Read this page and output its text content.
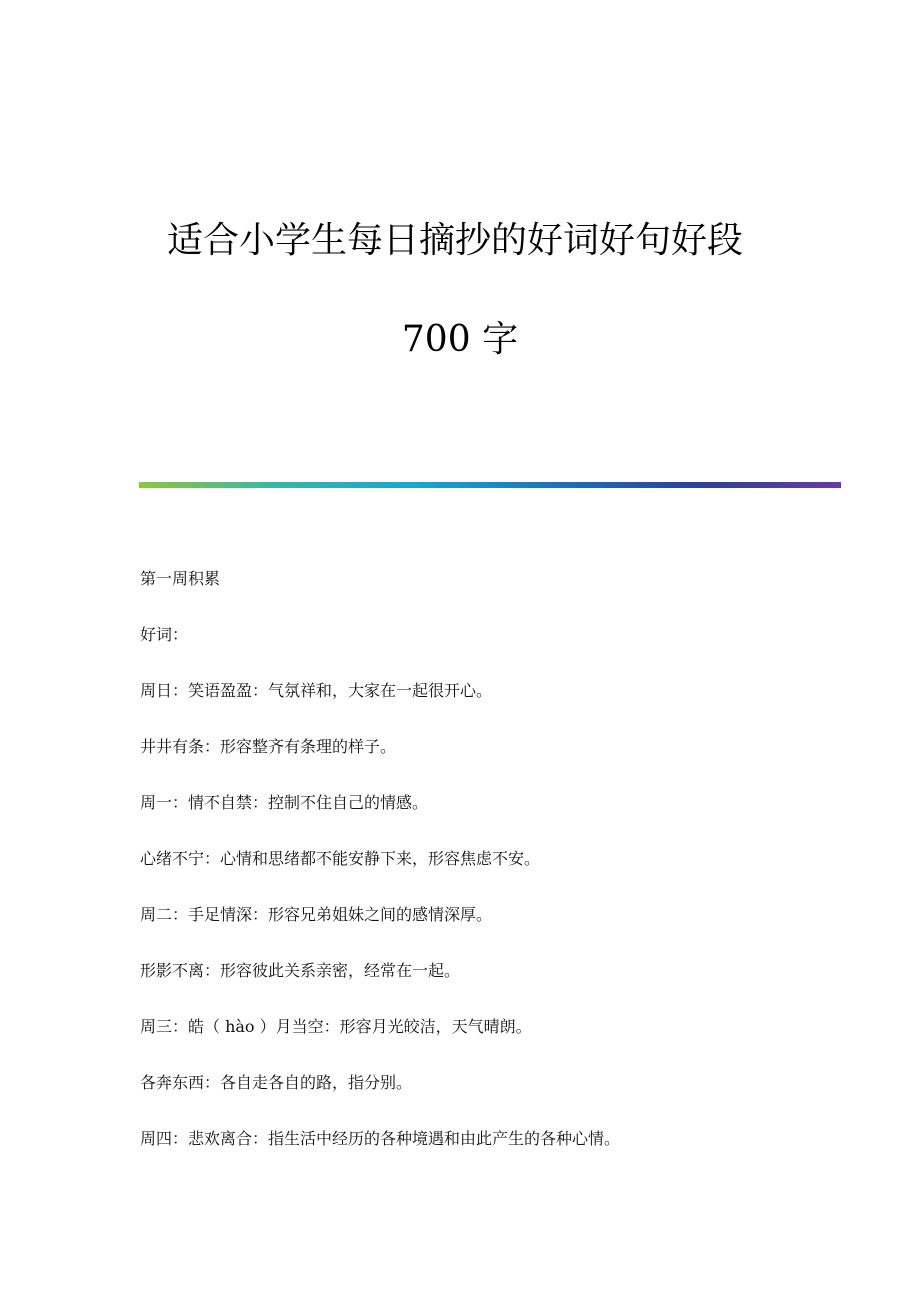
适合小学生每日摘抄的好词好句好段
700 字
第一周积累
好词：
周日：笑语盈盈：气氛祥和，大家在一起很开心。
井井有条：形容整齐有条理的样子。
周一：情不自禁：控制不住自己的情感。
心绪不宁：心情和思绪都不能安静下来，形容焦虑不安。
周二：手足情深：形容兄弟姐妹之间的感情深厚。
形影不离：形容彼此关系亲密，经常在一起。
周三：皓（ hào ）月当空：形容月光皎洁，天气晴朗。
各奔东西：各自走各自的路，指分别。
周四：悲欢离合：指生活中经历的各种境遇和由此产生的各种心情。
